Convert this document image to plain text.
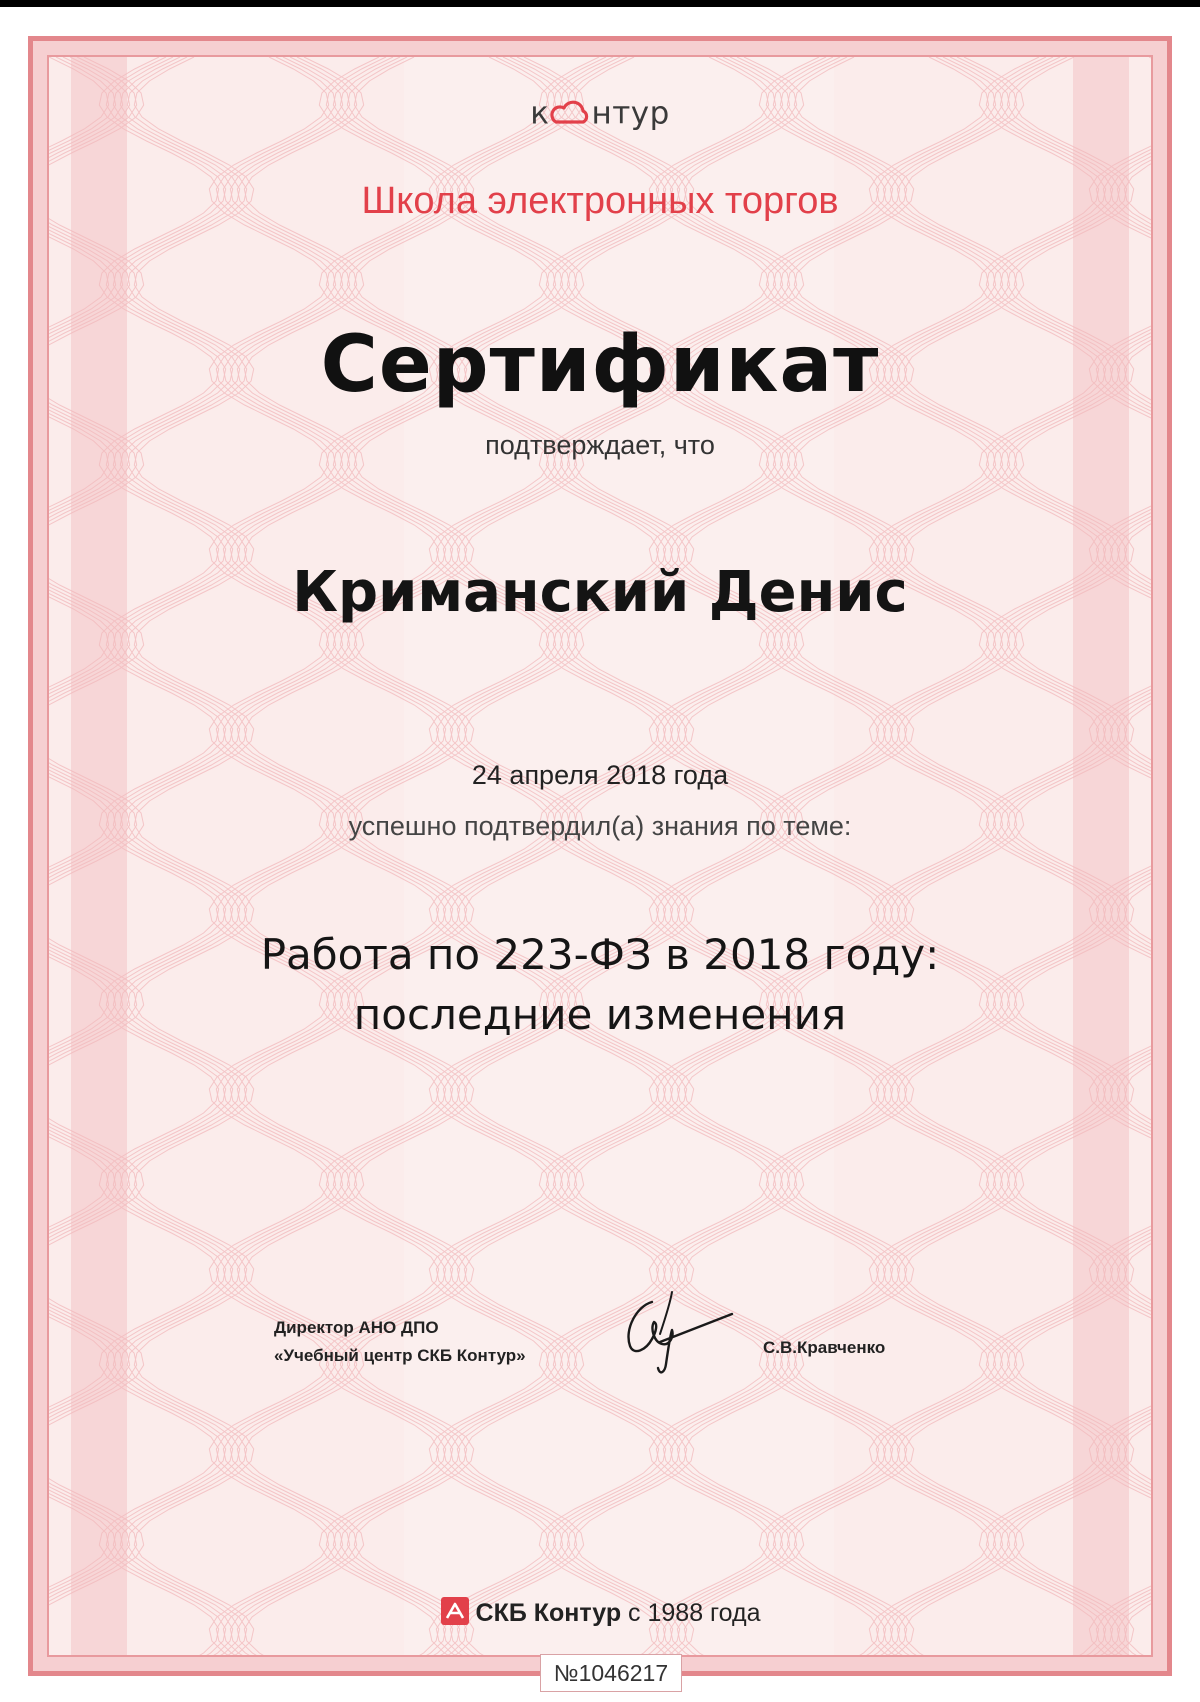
к нтур
Школа электронных торгов
Сертификат
подтверждает, что
Криманский Денис
24 апреля 2018 года
успешно подтвердил(а) знания по теме:
Работа по 223-ФЗ в 2018 году:
последние изменения
Директор АНО ДПО
«Учебный центр СКБ Контур»	С.В.Кравченко
СКБ Контур с 1988 года
№1046217
